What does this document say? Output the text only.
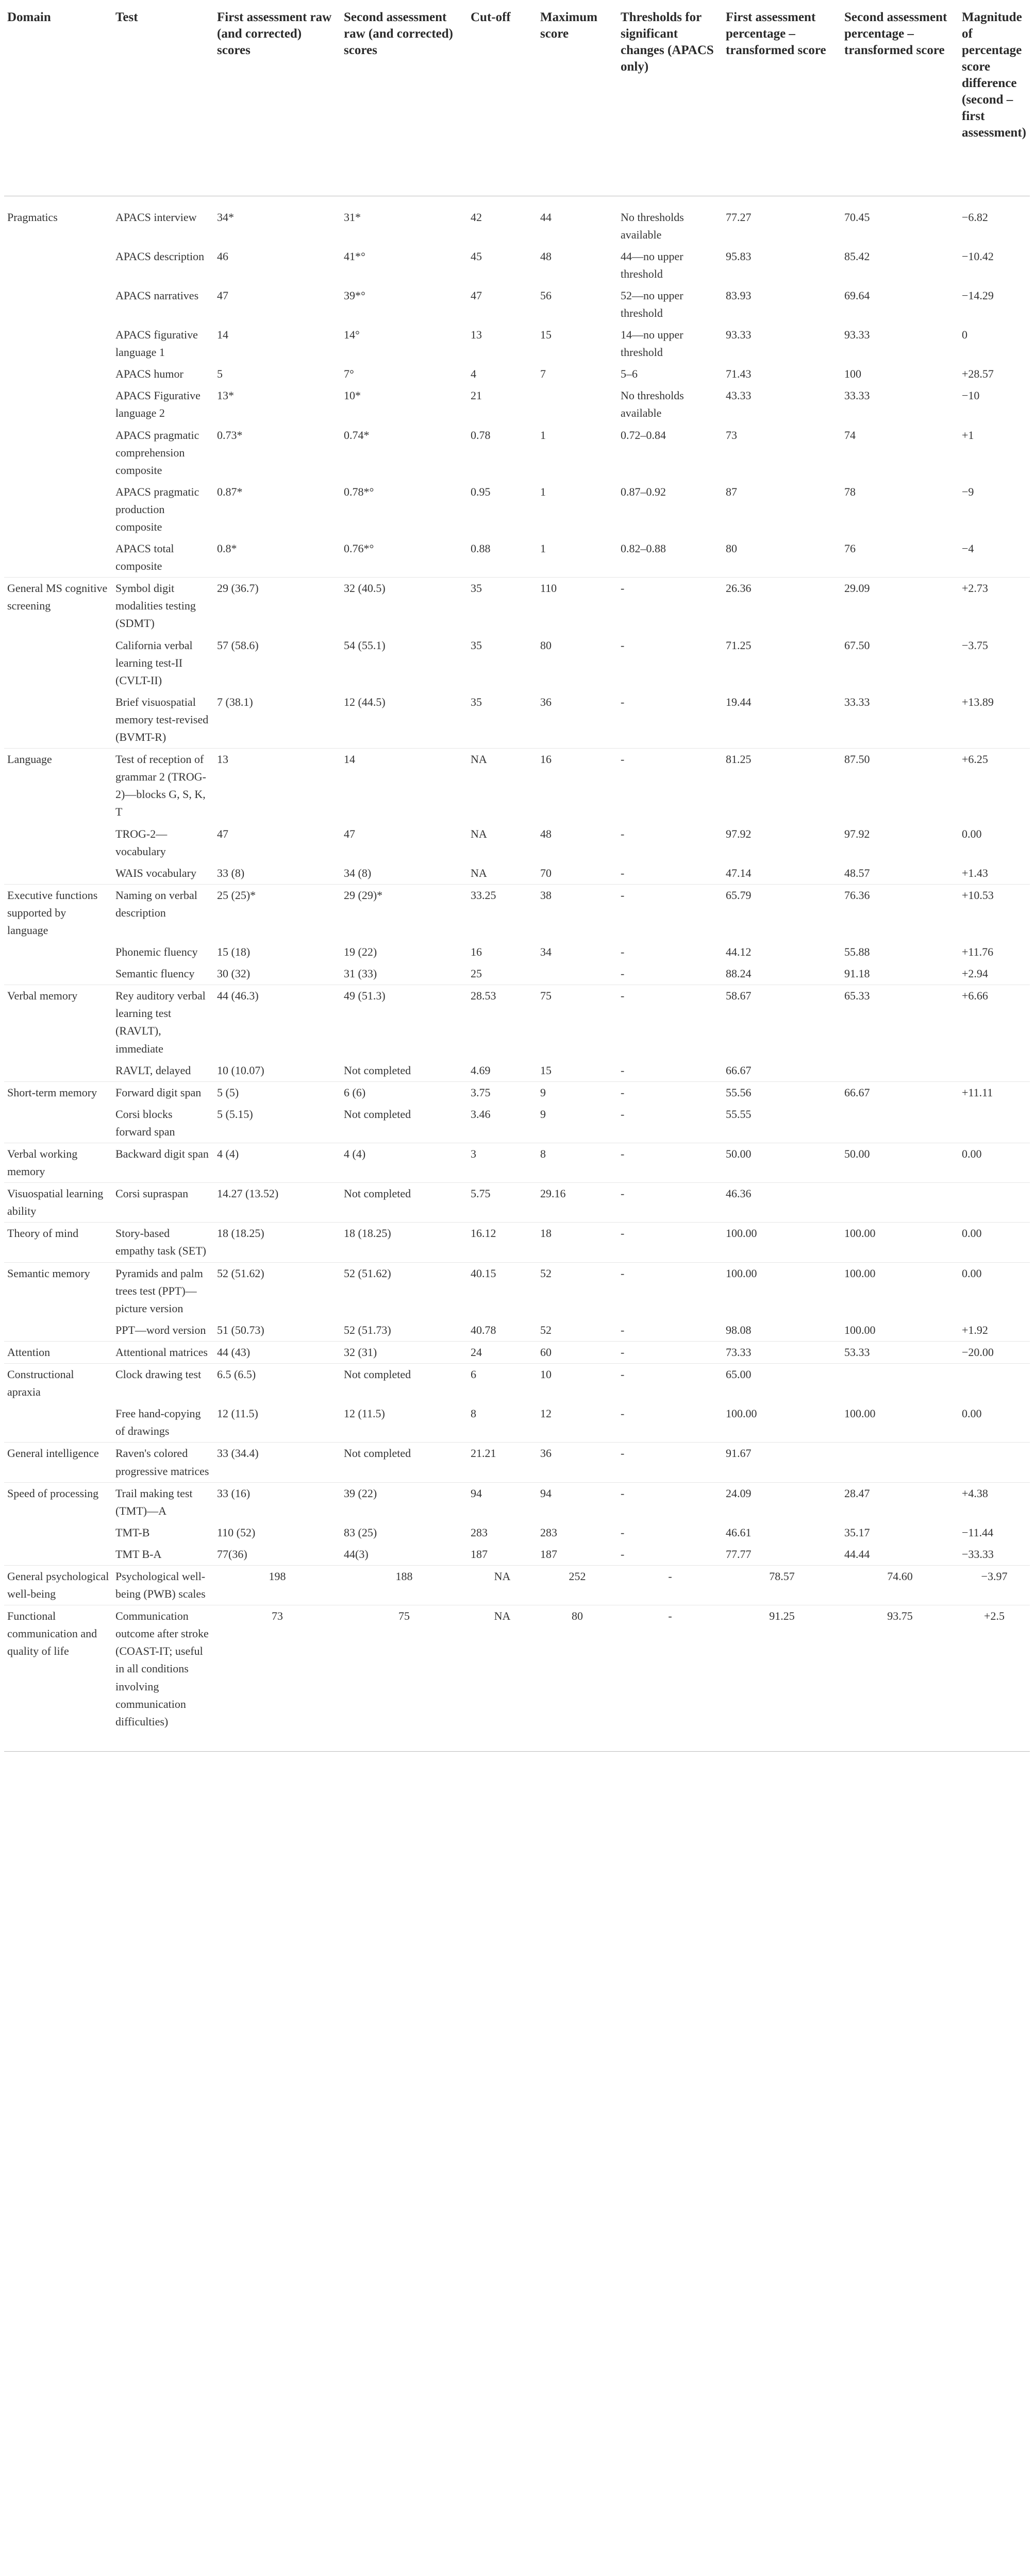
Domain	Test	First assessment raw (and corrected) scores	Second assessment raw (and corrected) scores	Cut-off	Maximum score	Thresholds for significant changes (APACS only)	First assessment percentage – transformed score	Second assessment percentage – transformed score	Magnitude of percentage score difference (second – first assessment)
Pragmatics	APACS interview	34*	31*	42	44	No thresholds available	77.27	70.45	−6.82
	APACS description	46	41*°	45	48	44—no upper threshold	95.83	85.42	−10.42
	APACS narratives	47	39*°	47	56	52—no upper threshold	83.93	69.64	−14.29
	APACS figurative language 1	14	14°	13	15	14—no upper threshold	93.33	93.33	0
	APACS humor	5	7°	4	7	5–6	71.43	100	+28.57
	APACS Figurative language 2	13*	10*	21		No thresholds available	43.33	33.33	−10
	APACS pragmatic comprehension composite	0.73*	0.74*	0.78	1	0.72–0.84	73	74	+1
	APACS pragmatic production composite	0.87*	0.78*°	0.95	1	0.87–0.92	87	78	−9
	APACS total composite	0.8*	0.76*°	0.88	1	0.82–0.88	80	76	−4
General MS cognitive screening	Symbol digit modalities testing (SDMT)	29 (36.7)	32 (40.5)	35	110	-	26.36	29.09	+2.73
	California verbal learning test-II (CVLT-II)	57 (58.6)	54 (55.1)	35	80	-	71.25	67.50	−3.75
	Brief visuospatial memory test-revised (BVMT-R)	7 (38.1)	12 (44.5)	35	36	-	19.44	33.33	+13.89
Language	Test of reception of grammar 2 (TROG-2)—blocks G, S, K, T	13	14	NA	16	-	81.25	87.50	+6.25
	TROG-2—vocabulary	47	47	NA	48	-	97.92	97.92	0.00
	WAIS vocabulary	33 (8)	34 (8)	NA	70	-	47.14	48.57	+1.43
Executive functions supported by language	Naming on verbal description	25 (25)*	29 (29)*	33.25	38	-	65.79	76.36	+10.53
	Phonemic fluency	15 (18)	19 (22)	16	34	-	44.12	55.88	+11.76
	Semantic fluency	30 (32)	31 (33)	25		-	88.24	91.18	+2.94
Verbal memory	Rey auditory verbal learning test (RAVLT), immediate	44 (46.3)	49 (51.3)	28.53	75	-	58.67	65.33	+6.66
	RAVLT, delayed	10 (10.07)	Not completed	4.69	15	-	66.67		
Short-term memory	Forward digit span	5 (5)	6 (6)	3.75	9	-	55.56	66.67	+11.11
	Corsi blocks forward span	5 (5.15)	Not completed	3.46	9	-	55.55		
Verbal working memory	Backward digit span	4 (4)	4 (4)	3	8	-	50.00	50.00	0.00
Visuospatial learning ability	Corsi supraspan	14.27 (13.52)	Not completed	5.75	29.16	-	46.36		
Theory of mind	Story-based empathy task (SET)	18 (18.25)	18 (18.25)	16.12	18	-	100.00	100.00	0.00
Semantic memory	Pyramids and palm trees test (PPT)—picture version	52 (51.62)	52 (51.62)	40.15	52	-	100.00	100.00	0.00
	PPT—word version	51 (50.73)	52 (51.73)	40.78	52	-	98.08	100.00	+1.92
Attention	Attentional matrices	44 (43)	32 (31)	24	60	-	73.33	53.33	−20.00
Constructional apraxia	Clock drawing test	6.5 (6.5)	Not completed	6	10	-	65.00		
	Free hand-copying of drawings	12 (11.5)	12 (11.5)	8	12	-	100.00	100.00	0.00
General intelligence	Raven's colored progressive matrices	33 (34.4)	Not completed	21.21	36	-	91.67		
Speed of processing	Trail making test (TMT)—A	33 (16)	39 (22)	94	94	-	24.09	28.47	+4.38
	TMT-B	110 (52)	83 (25)	283	283	-	46.61	35.17	−11.44
	TMT B-A	77(36)	44(3)	187	187	-	77.77	44.44	−33.33
General psychological well-being	Psychological well-being (PWB) scales	198	188	NA	252	-	78.57	74.60	−3.97
Functional communication and quality of life	Communication outcome after stroke (COAST-IT; useful in all conditions involving communication difficulties)	73	75	NA	80	-	91.25	93.75	+2.5
